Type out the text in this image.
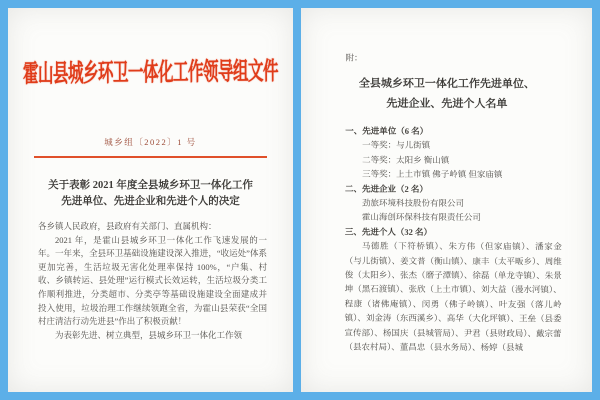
霍山县城乡环卫一体化工作领导组文件
城乡组〔2022〕1 号
关于表彰 2021 年度全县城乡环卫一体化工作
先进单位、先进企业和先进个人的决定

各乡镇人民政府，县政府有关部门、直属机构：

2021 年，是霍山县城乡环卫一体化工作飞速发展的一年。一年来，全县环卫基础设施建设深入推进，“收运处”体系更加完善，生活垃圾无害化处理率保持 100%，“户集、村收、乡镇转运、县处理”运行模式长效运转，生活垃圾分类工作顺利推进，分类超市、分类亭等基础设施建设全面建成并投入使用，垃圾治理工作继续领跑全省，为霍山县荣获“全国村庄清洁行动先进县”作出了积极贡献！

为表彰先进、树立典型，县城乡环卫一体化工作领

附：
全县城乡环卫一体化工作先进单位、
先进企业、先进个人名单

一、先进单位（6 名）

一等奖：与儿街镇
二等奖：太阳乡 衡山镇
三等奖：上土市镇 佛子岭镇 但家庙镇

二、先进企业（2 名）

劲旅环境科技股份有限公司
霍山海创环保科技有限责任公司

三、先进个人（32 名）

马德胜（下符桥镇）、朱方伟（但家庙镇）、潘家金（与儿街镇）、姜文普（衡山镇）、康丰（太平畈乡）、周维俊（太阳乡）、张杰（磨子潭镇）、徐磊（单龙寺镇）、朱景坤（黑石渡镇）、张欣（上土市镇）、刘大益（漫水河镇）、程康（诸佛庵镇）、闵勇（佛子岭镇）、叶友强（落儿岭镇）、刘金涛（东西溪乡）、高华（大化坪镇）、王垒（县委宣传部）、杨国庆（县城管局）、尹君（县财政局）、戴宗蕾（县农村局）、董昌忠（县水务局）、杨婷（县城
